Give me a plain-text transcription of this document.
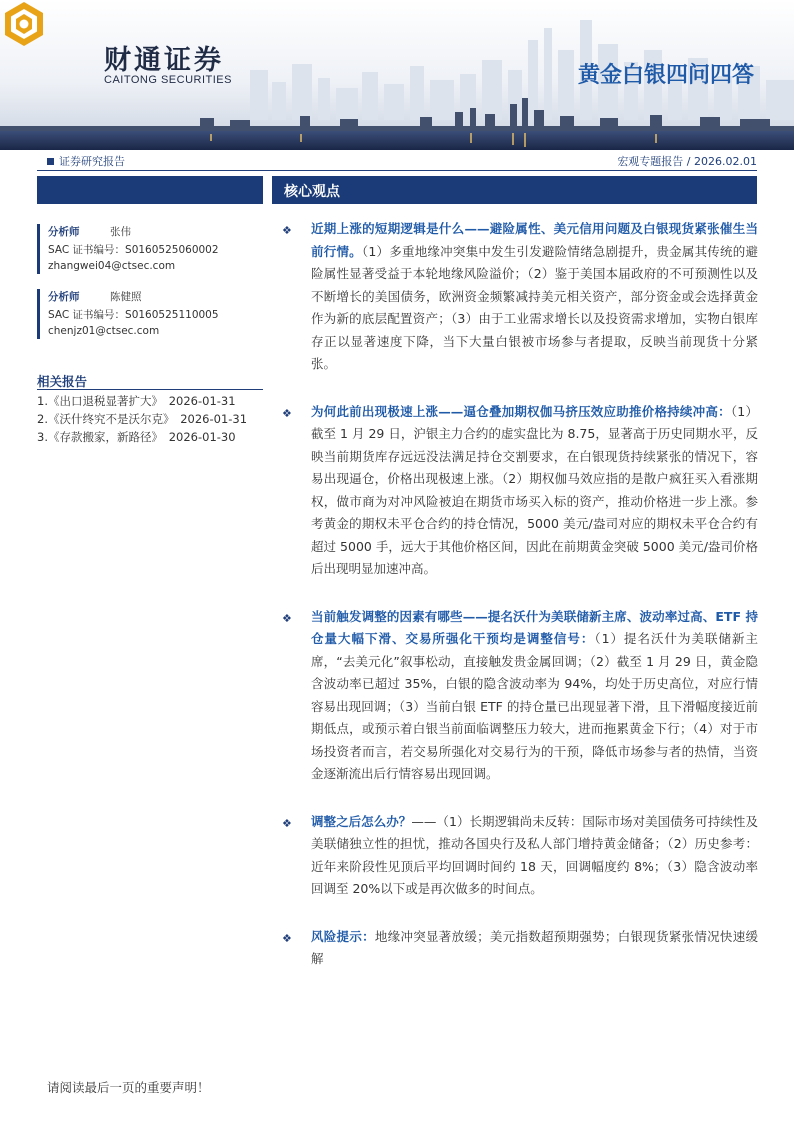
财通证券
CAITONG SECURITIES	黄金白银四问四答
证券研究报告	宏观专题报告 / 2026.02.01
核心观点
分析师	张伟
SAC 证书编号：S0160525060002
zhangwei04@ctsec.com
分析师	陈健照
SAC 证书编号：S0160525110005
chenjz01@ctsec.com
相关报告
1.《出口退税显著扩大》　2026-01-31
2.《沃什终究不是沃尔克》　2026-01-31
3.《存款搬家，新路径》　2026-01-30
❖ 近期上涨的短期逻辑是什么——避险属性、美元信用问题及白银现货紧张催生当前行情。（1）多重地缘冲突集中发生引发避险情绪急剧提升，贵金属其传统的避险属性显著受益于本轮地缘风险溢价；（2）鉴于美国本届政府的不可预测性以及不断增长的美国债务，欧洲资金频繁减持美元相关资产，部分资金或会选择黄金作为新的底层配置资产；（3）由于工业需求增长以及投资需求增加，实物白银库存正以显著速度下降，当下大量白银被市场参与者提取，反映当前现货十分紧张。
❖ 为何此前出现极速上涨——逼仓叠加期权伽马挤压效应助推价格持续冲高：（1）截至 1 月 29 日，沪银主力合约的虚实盘比为 8.75，显著高于历史同期水平，反映当前期货库存远远没法满足持仓交割要求，在白银现货持续紧张的情况下，容易出现逼仓，价格出现极速上涨。（2）期权伽马效应指的是散户疯狂买入看涨期权，做市商为对冲风险被迫在期货市场买入标的资产，推动价格进一步上涨。参考黄金的期权未平仓合约的持仓情况，5000 美元/盎司对应的期权未平仓合约有超过 5000 手，远大于其他价格区间，因此在前期黄金突破 5000 美元/盎司价格后出现明显加速冲高。
❖ 当前触发调整的因素有哪些——提名沃什为美联储新主席、波动率过高、ETF 持仓量大幅下滑、交易所强化干预均是调整信号：（1）提名沃什为美联储新主席，“去美元化”叙事松动，直接触发贵金属回调；（2）截至 1 月 29 日，黄金隐含波动率已超过 35%，白银的隐含波动率为 94%，均处于历史高位，对应行情容易出现回调；（3）当前白银 ETF 的持仓量已出现显著下滑，且下滑幅度接近前期低点，或预示着白银当前面临调整压力较大，进而拖累黄金下行；（4）对于市场投资者而言，若交易所强化对交易行为的干预，降低市场参与者的热情，当资金逐渐流出后行情容易出现回调。
❖ 调整之后怎么办？——（1）长期逻辑尚未反转：国际市场对美国债务可持续性及美联储独立性的担忧，推动各国央行及私人部门增持黄金储备；（2）历史参考：近年来阶段性见顶后平均回调时间约 18 天，回调幅度约 8%；（3）隐含波动率回调至 20%以下或是再次做多的时间点。
❖ 风险提示：地缘冲突显著放缓；美元指数超预期强势；白银现货紧张情况快速缓解
请阅读最后一页的重要声明！
